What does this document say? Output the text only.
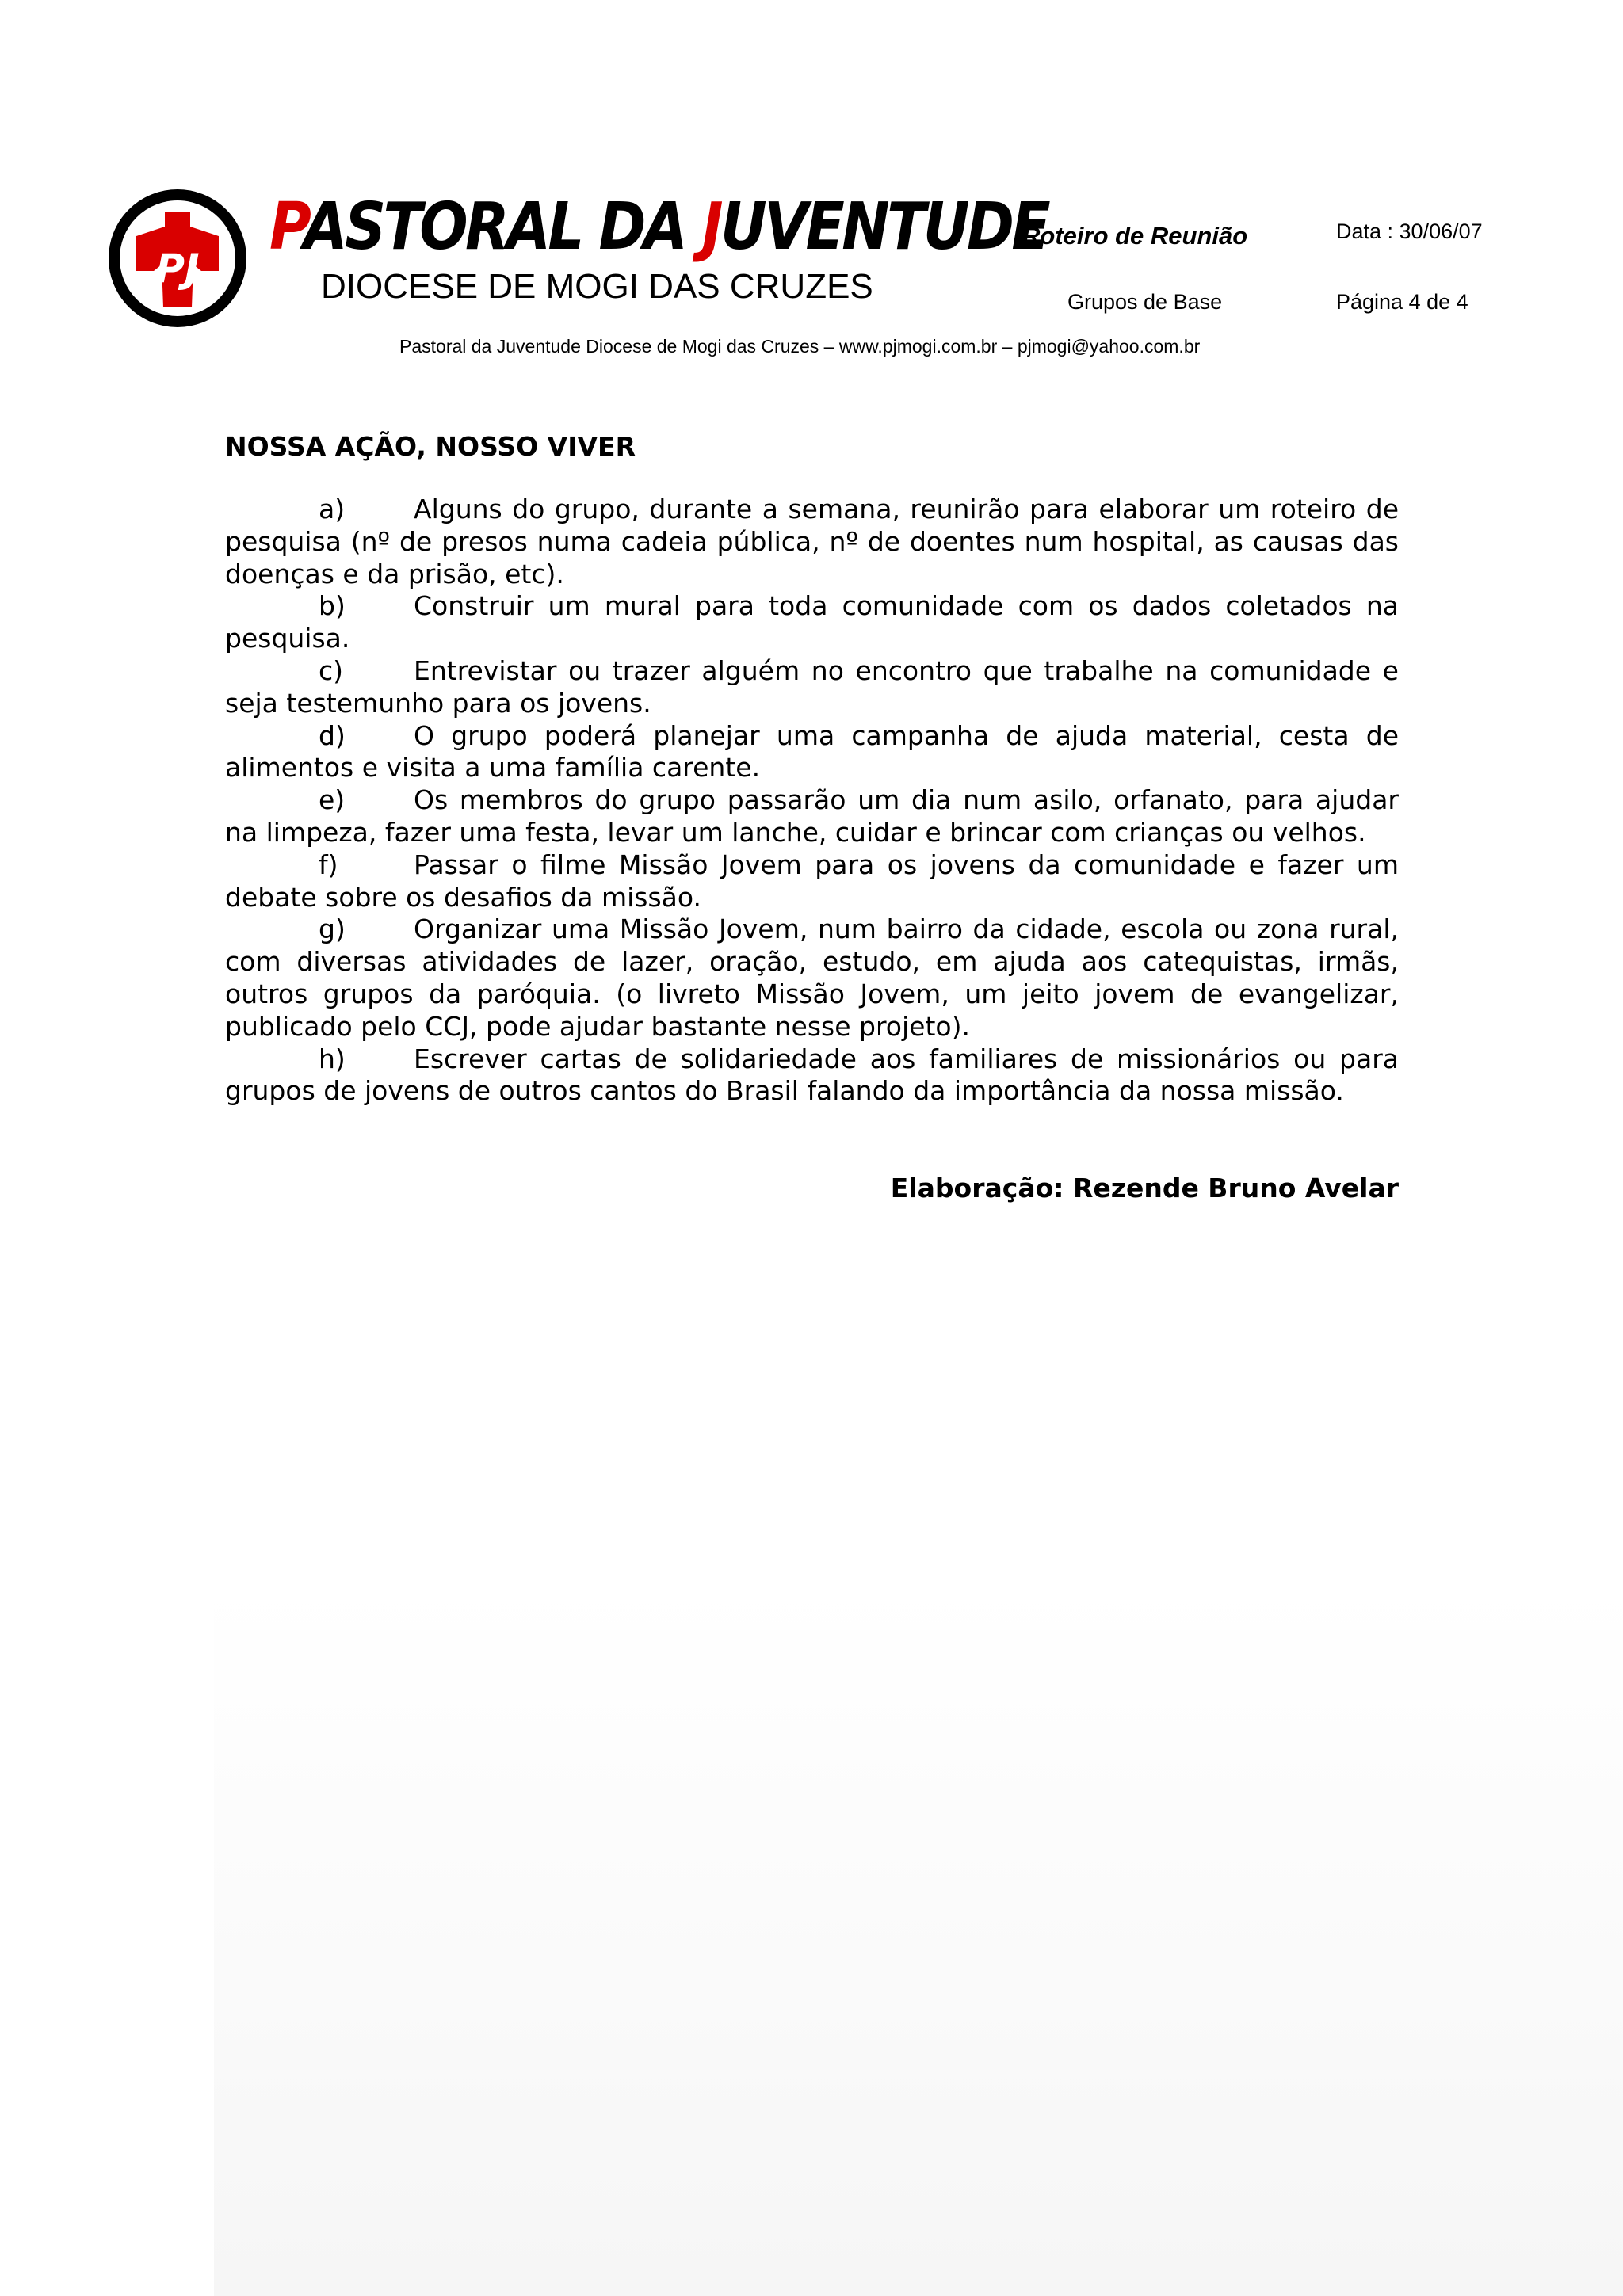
PJ
PASTORAL DA JUVENTUDE
DIOCESE DE MOGI DAS CRUZES
Roteiro de Reunião	Data : 30/06/07
Grupos de Base	Página 4 de 4
Pastoral da Juventude Diocese de Mogi das Cruzes – www.pjmogi.com.br – pjmogi@yahoo.com.br
NOSSA AÇÃO, NOSSO VIVER
a)	Alguns do grupo, durante a semana, reunirão para elaborar um roteiro de pesquisa (nº de presos numa cadeia pública, nº de doentes num hospital, as causas das doenças e da prisão, etc).
b)	Construir um mural para toda comunidade com os dados coletados na pesquisa.
c)	Entrevistar ou trazer alguém no encontro que trabalhe na comunidade e seja testemunho para os jovens.
d)	O grupo poderá planejar uma campanha de ajuda material, cesta de alimentos e visita a uma família carente.
e)	Os membros do grupo passarão um dia num asilo, orfanato, para ajudar na limpeza, fazer uma festa, levar um lanche, cuidar e brincar com crianças ou velhos.
f)	Passar o filme Missão Jovem para os jovens da comunidade e fazer um debate sobre os desafios da missão.
g)	Organizar uma Missão Jovem, num bairro da cidade, escola ou zona rural, com diversas atividades de lazer, oração, estudo, em ajuda aos catequistas, irmãs, outros grupos da paróquia. (o livreto Missão Jovem, um jeito jovem de evangelizar, publicado pelo CCJ, pode ajudar bastante nesse projeto).
h)	Escrever cartas de solidariedade aos familiares de missionários ou para grupos de jovens de outros cantos do Brasil falando da importância da nossa missão.
Elaboração: Rezende Bruno Avelar
